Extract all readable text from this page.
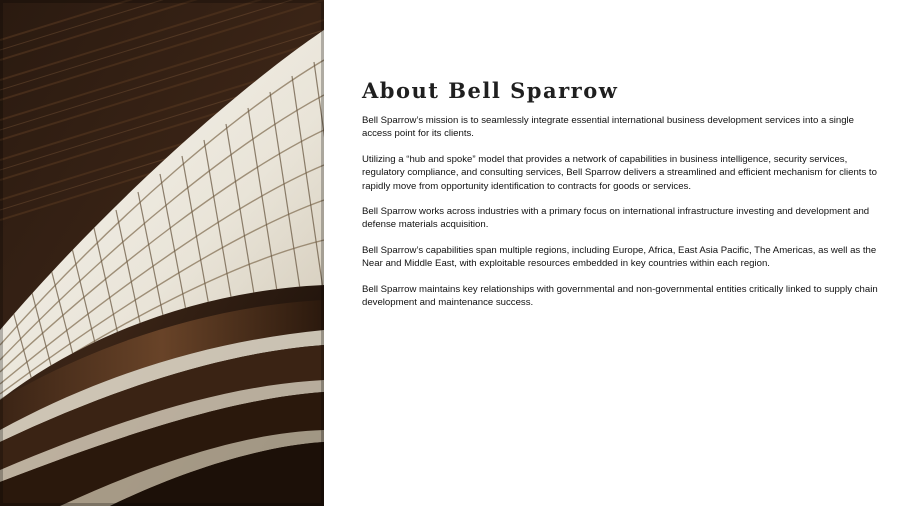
About Bell Sparrow

Bell Sparrow’s mission is to seamlessly integrate essential international business development services into a single access point for its clients.

Utilizing a “hub and spoke” model that provides a network of capabilities in business intelligence, security services, regulatory compliance, and consulting services, Bell Sparrow delivers a streamlined and efficient mechanism for clients to rapidly move from opportunity identification to contracts for goods or services.

Bell Sparrow works across industries with a primary focus on international infrastructure investing and development and defense materials acquisition.

Bell Sparrow’s capabilities span multiple regions, including Europe, Africa, East Asia Pacific, The Americas, as well as the Near and Middle East, with exploitable resources embedded in key countries within each region.

Bell Sparrow maintains key relationships with governmental and non-governmental entities critically linked to supply chain development and maintenance success.
